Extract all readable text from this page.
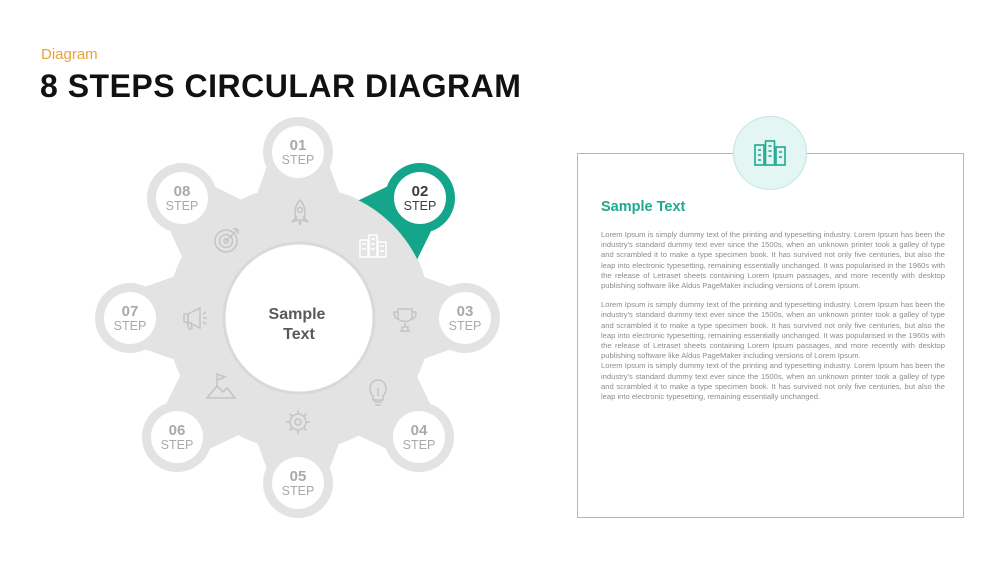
Diagram
8 STEPS CIRCULAR DIAGRAM
01
STEP
02
STEP
03
STEP
04
STEP
05
STEP
06
STEP
07
STEP
08
STEP
Sample
Text
Sample Text

Lorem Ipsum is simply dummy text of the printing and typesetting industry. Lorem Ipsum has been the industry's standard dummy text ever since the 1500s, when an unknown printer took a galley of type and scrambled it to make a type specimen book. It has survived not only five centuries, but also the leap into electronic typesetting, remaining essentially unchanged. It was popularised in the 1960s with the release of Letraset sheets containing Lorem Ipsum passages, and more recently with desktop publishing software like Aldus PageMaker including versions of Lorem Ipsum.

Lorem Ipsum is simply dummy text of the printing and typesetting industry. Lorem Ipsum has been the industry's standard dummy text ever since the 1500s, when an unknown printer took a galley of type and scrambled it to make a type specimen book. It has survived not only five centuries, but also the leap into electronic typesetting, remaining essentially unchanged. It was popularised in the 1960s with the release of Letraset sheets containing Lorem Ipsum passages, and more recently with desktop publishing software like Aldus PageMaker including versions of Lorem Ipsum.

Lorem Ipsum is simply dummy text of the printing and typesetting industry. Lorem Ipsum has been the industry's standard dummy text ever since the 1500s, when an unknown printer took a galley of type and scrambled it to make a type specimen book. It has survived not only five centuries, but also the leap into electronic typesetting, remaining essentially unchanged.
